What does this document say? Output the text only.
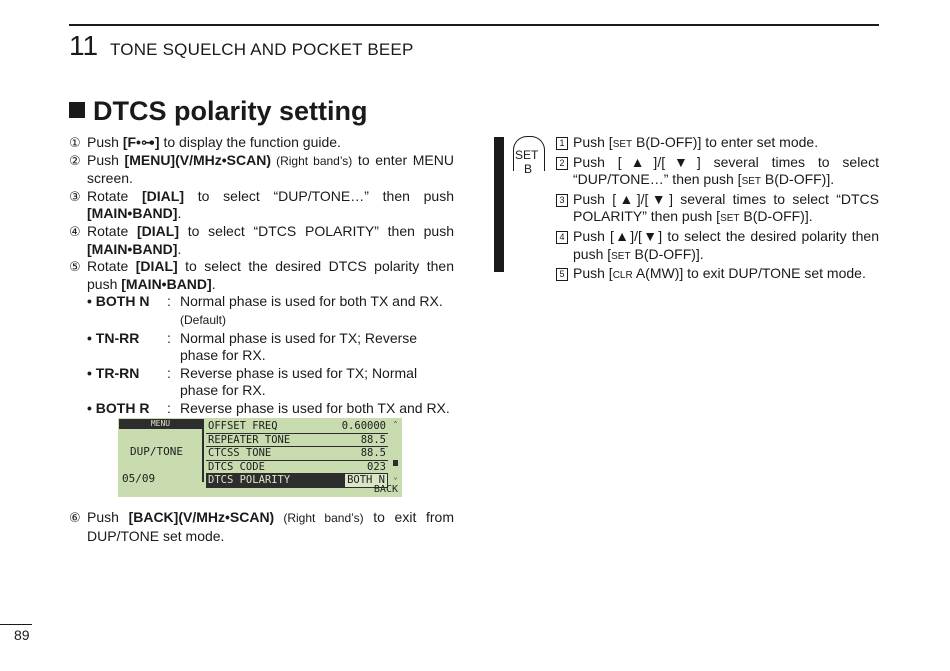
11 TONE SQUELCH AND POCKET BEEP
DTCS polarity setting
① Push [F•⊶] to display the function guide.
② Push [MENU](V/MHz•SCAN) (Right band’s) to enter MENU screen.
③ Rotate [DIAL] to select “DUP/TONE…” then push [MAIN•BAND].
④ Rotate [DIAL] to select “DTCS POLARITY” then push [MAIN•BAND].
⑤ Rotate [DIAL] to select the desired DTCS polarity then push [MAIN•BAND].
• BOTH N	: Normal phase is used for both TX and RX.
(Default)
• TN-RR	: Normal phase is used for TX; Reverse phase for RX.
• TR-RN	: Reverse phase is used for TX; Normal phase for RX.
• BOTH R	: Reverse phase is used for both TX and RX.
MENU
DUP/TONE
05/09
OFFSET FREQ	0.60000
REPEATER TONE	88.5
CTCSS TONE	88.5
DTCS CODE	023
DTCS POLARITY	BOTH N
⌃
⌄
BACK
⑥ Push [BACK](V/MHz•SCAN) (Right band’s) to exit from DUP/TONE set mode.
SET
B
1 Push [SET B(D-OFF)] to enter set mode.
2 Push [▲]/[▼] several times to select “DUP/TONE…” then push [SET B(D-OFF)].
3 Push [▲]/[▼] several times to select “DTCS POLARITY” then push [SET B(D-OFF)].
4 Push [▲]/[▼] to select the desired polarity then push [SET B(D-OFF)].
5 Push [CLR A(MW)] to exit DUP/TONE set mode.
89
